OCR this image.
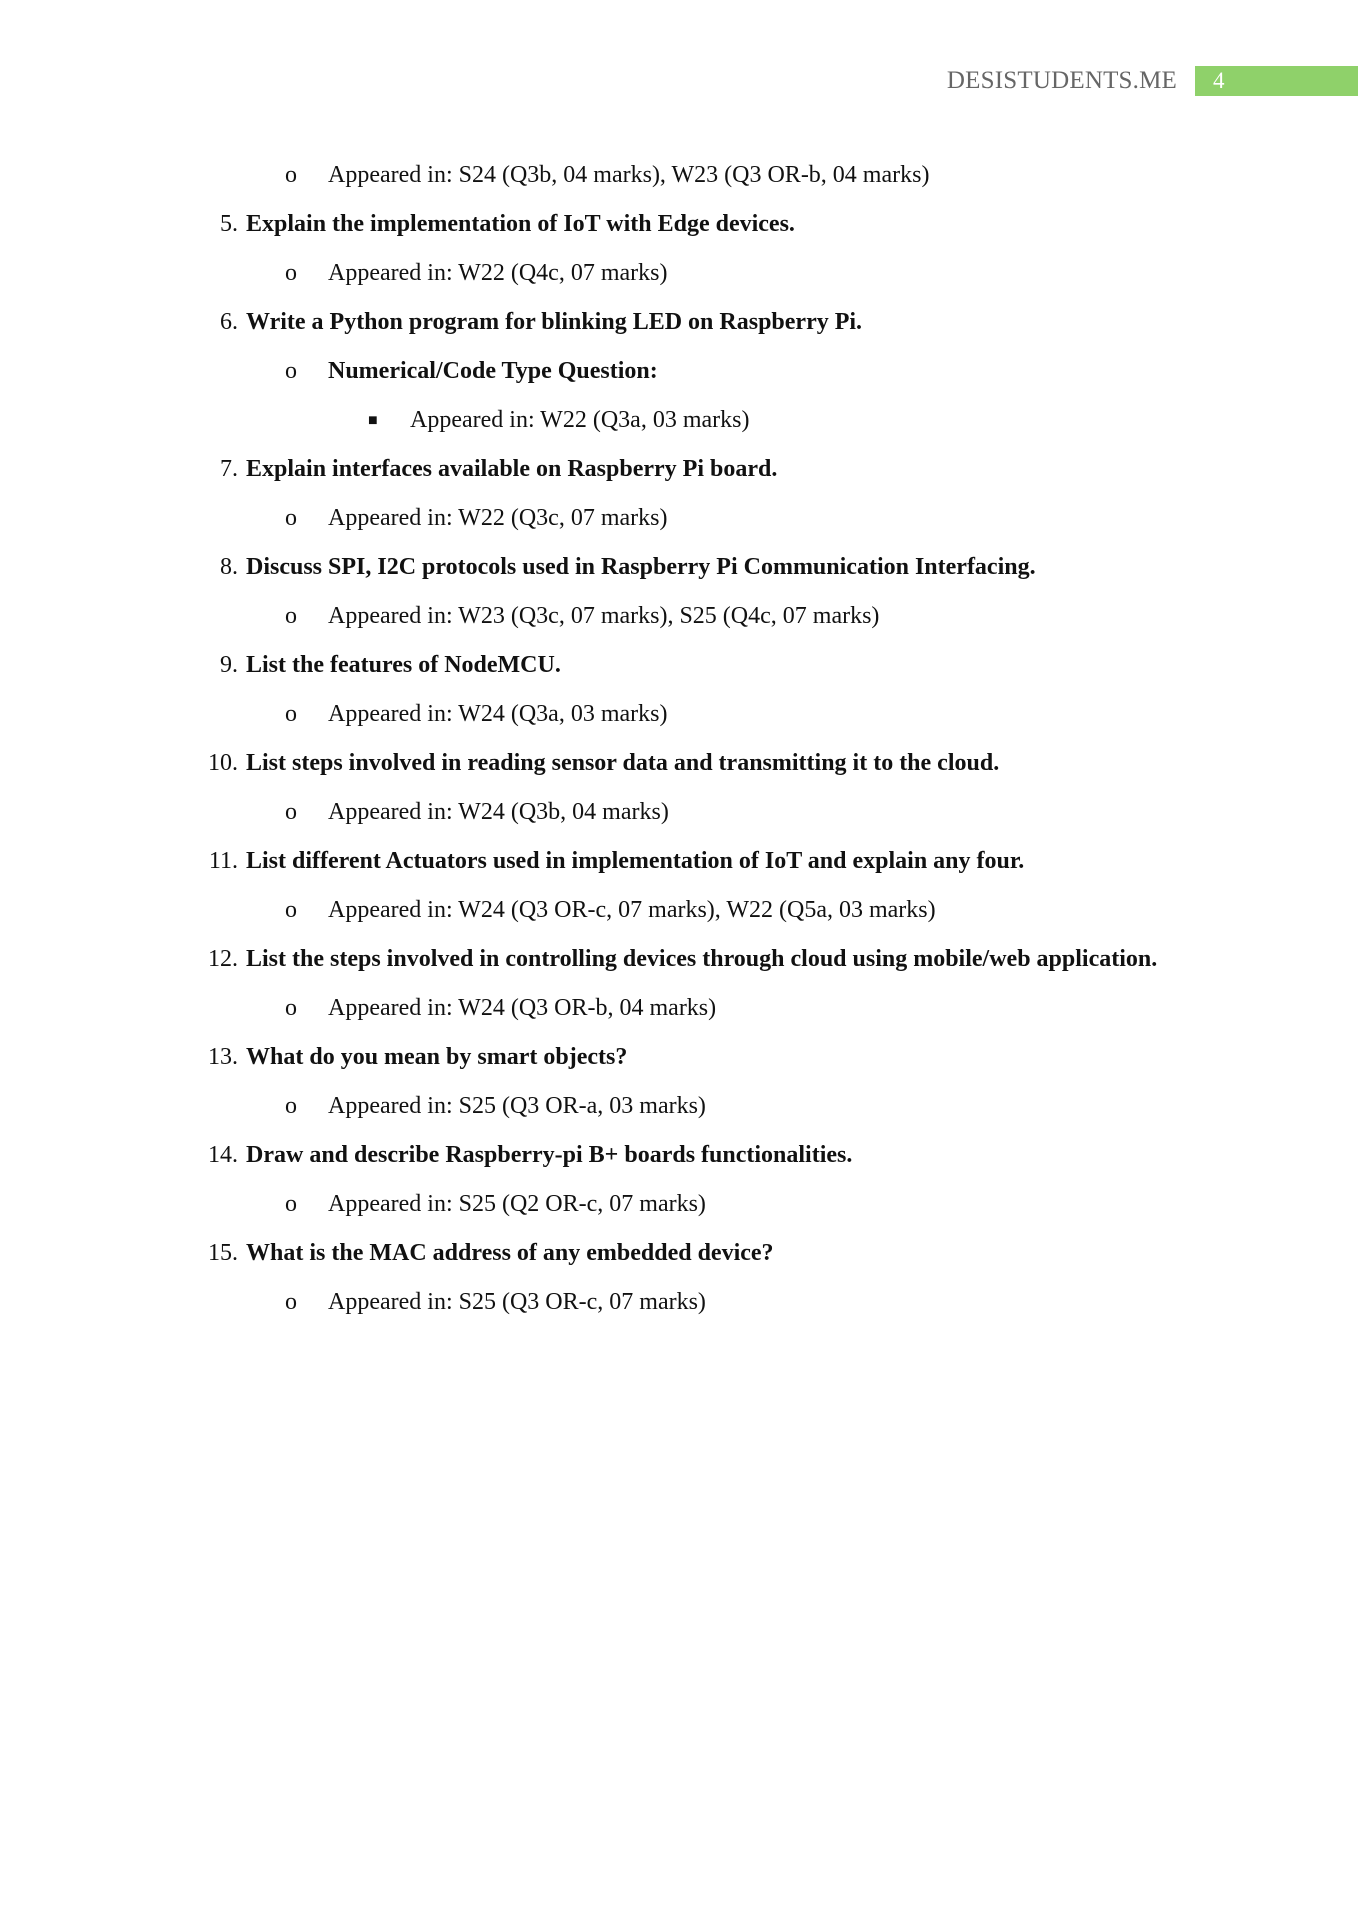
DESISTUDENTS.ME	4
o Appeared in: S24 (Q3b, 04 marks), W23 (Q3 OR-b, 04 marks)
5. Explain the implementation of IoT with Edge devices.
o Appeared in: W22 (Q4c, 07 marks)
6. Write a Python program for blinking LED on Raspberry Pi.
o Numerical/Code Type Question:
■ Appeared in: W22 (Q3a, 03 marks)
7. Explain interfaces available on Raspberry Pi board.
o Appeared in: W22 (Q3c, 07 marks)
8. Discuss SPI, I2C protocols used in Raspberry Pi Communication Interfacing.
o Appeared in: W23 (Q3c, 07 marks), S25 (Q4c, 07 marks)
9. List the features of NodeMCU.
o Appeared in: W24 (Q3a, 03 marks)
10. List steps involved in reading sensor data and transmitting it to the cloud.
o Appeared in: W24 (Q3b, 04 marks)
11. List different Actuators used in implementation of IoT and explain any four.
o Appeared in: W24 (Q3 OR-c, 07 marks), W22 (Q5a, 03 marks)
12. List the steps involved in controlling devices through cloud using mobile/web application.
o Appeared in: W24 (Q3 OR-b, 04 marks)
13. What do you mean by smart objects?
o Appeared in: S25 (Q3 OR-a, 03 marks)
14. Draw and describe Raspberry-pi B+ boards functionalities.
o Appeared in: S25 (Q2 OR-c, 07 marks)
15. What is the MAC address of any embedded device?
o Appeared in: S25 (Q3 OR-c, 07 marks)
